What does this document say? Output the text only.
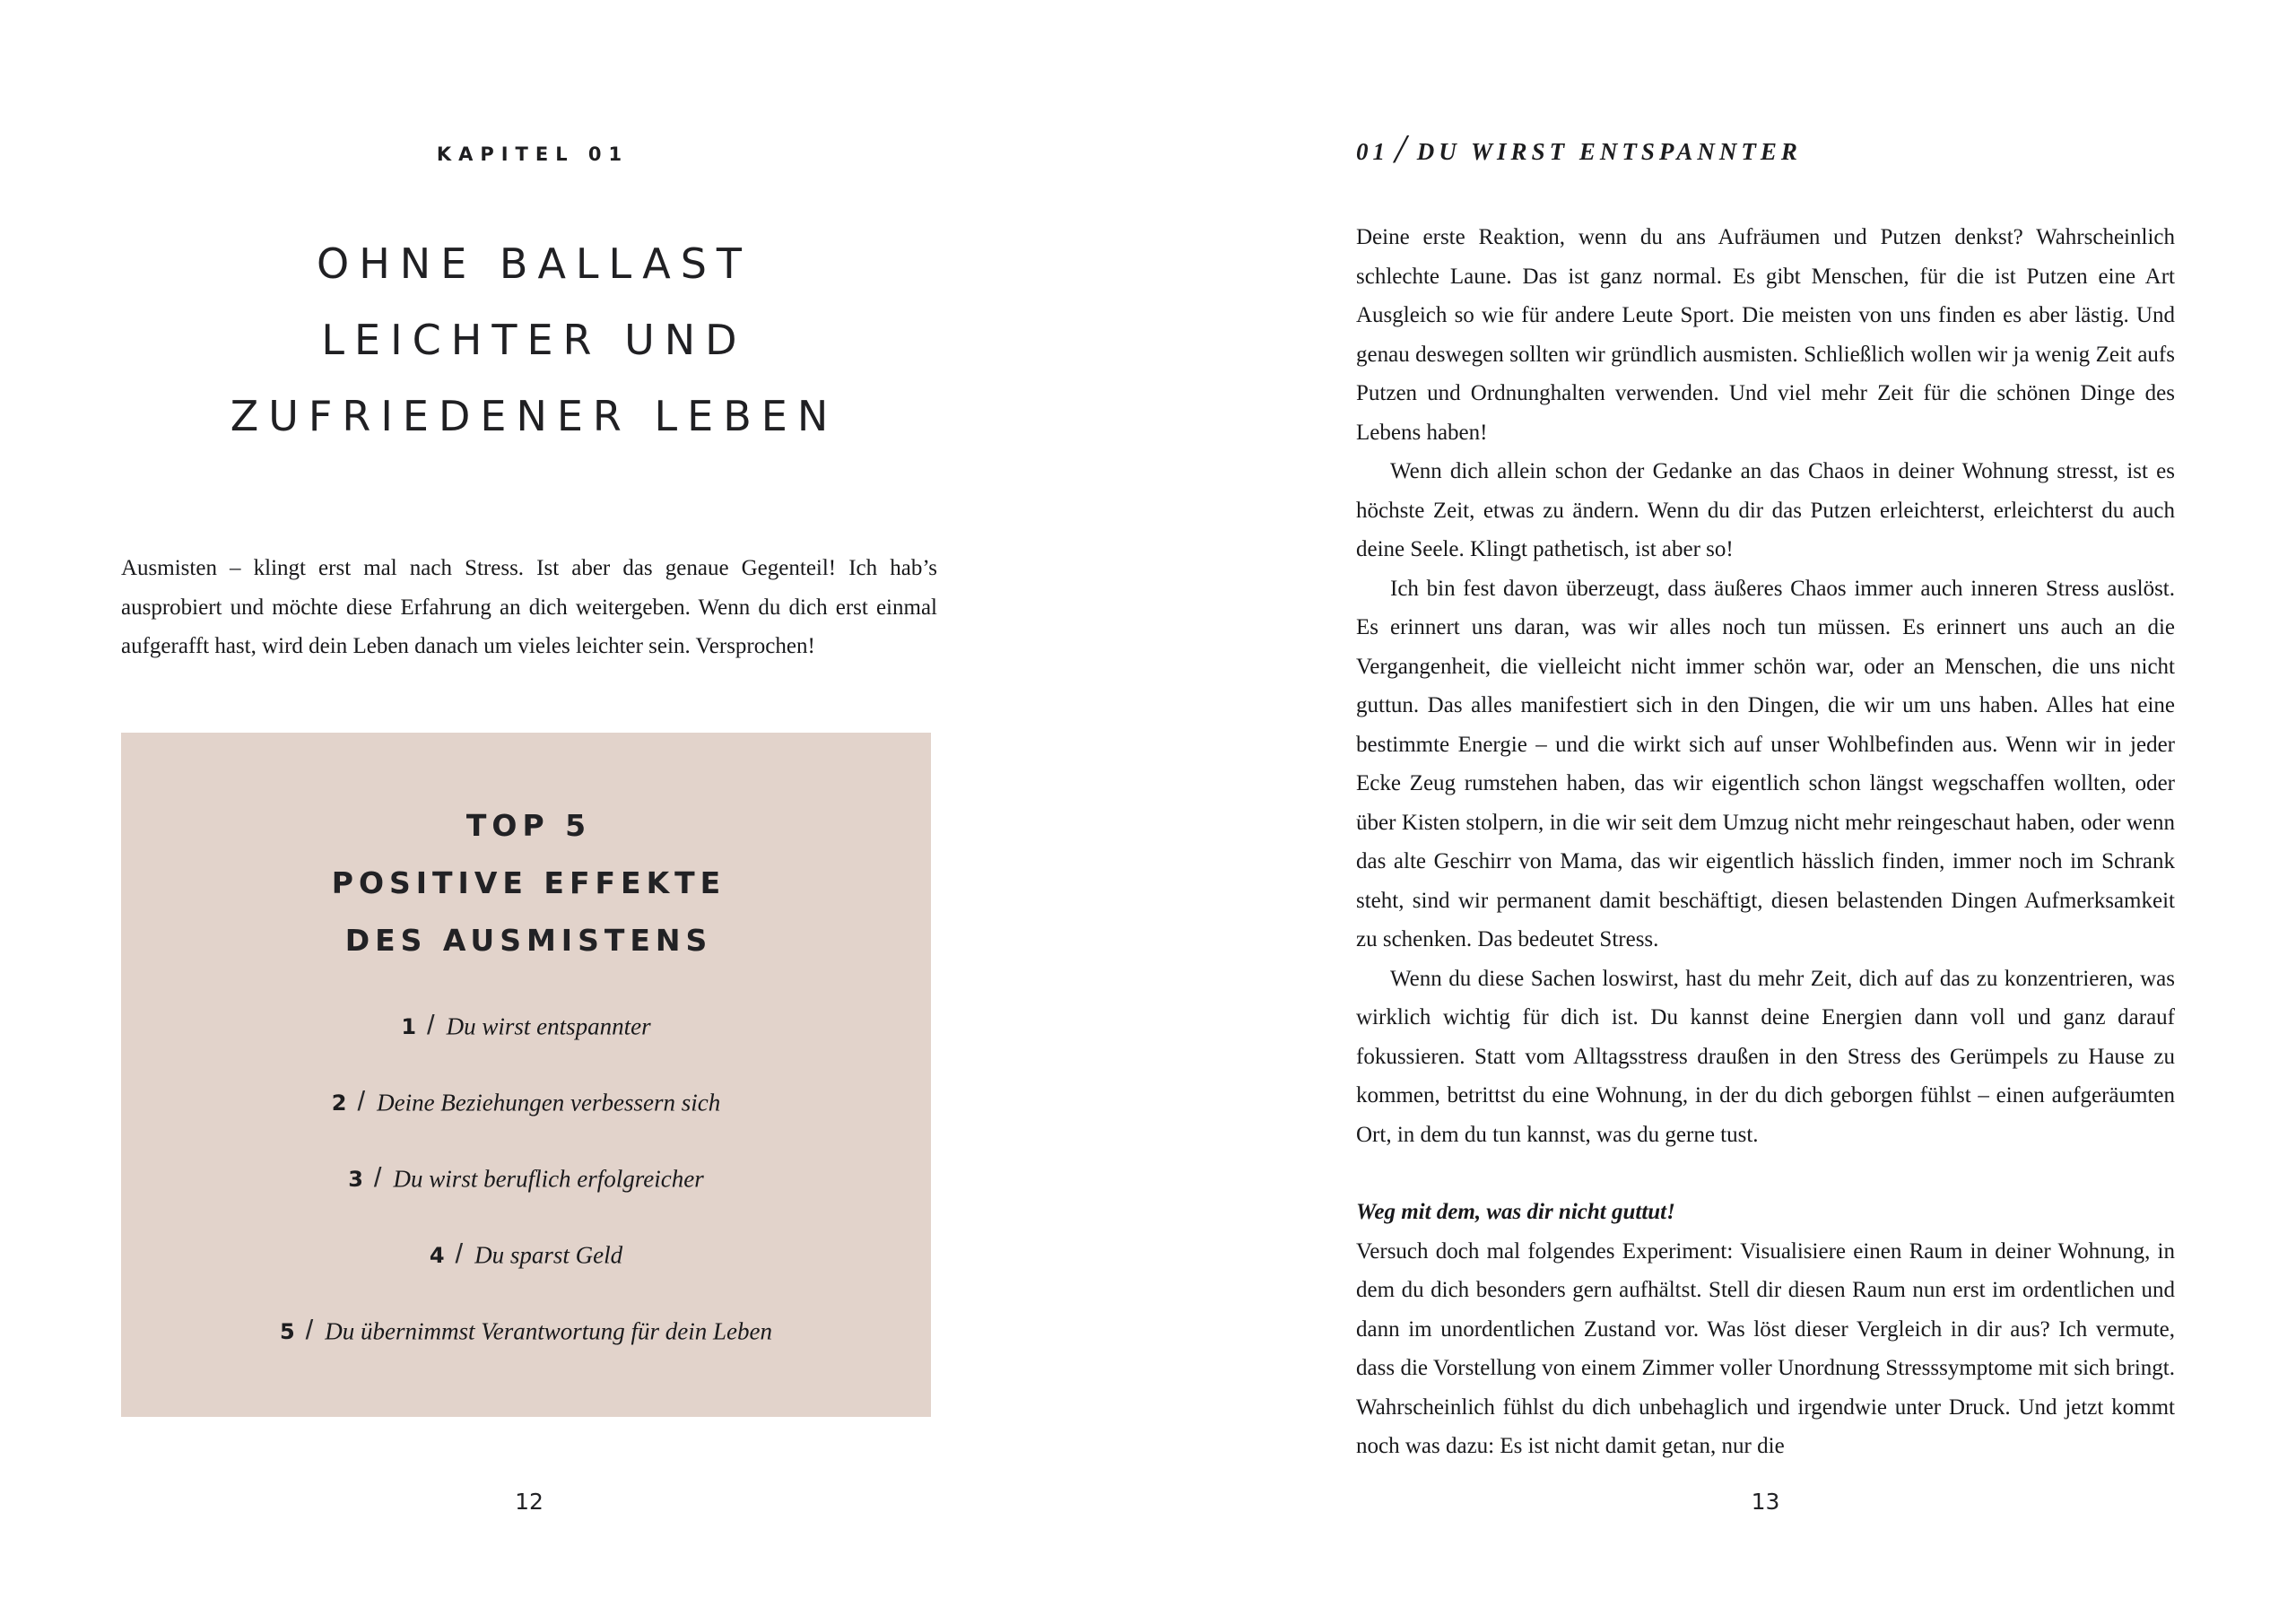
KAPITEL 01
OHNE BALLAST
LEICHTER UND
ZUFRIEDENER LEBEN

Ausmisten – klingt erst mal nach Stress. Ist aber das genaue Gegenteil! Ich hab’s ausprobiert und möchte diese Erfahrung an dich weitergeben. Wenn du dich erst einmal aufgerafft hast, wird dein Leben danach um vieles leichter sein. Versprochen!

TOP 5
POSITIVE EFFEKTE
DES AUSMISTENS
1 / Du wirst entspannter
2 / Deine Beziehungen verbessern sich
3 / Du wirst beruflich erfolgreicher
4 / Du sparst Geld
5 / Du übernimmst Verantwortung für dein Leben
12
01 / DU WIRST ENTSPANNTER

Deine erste Reaktion, wenn du ans Aufräumen und Putzen denkst? Wahrscheinlich schlechte Laune. Das ist ganz normal. Es gibt Menschen, für die ist Putzen eine Art Ausgleich so wie für andere Leute Sport. Die meisten von uns finden es aber lästig. Und genau deswegen sollten wir gründlich ausmisten. Schließlich wollen wir ja wenig Zeit aufs Putzen und Ordnunghalten verwenden. Und viel mehr Zeit für die schönen Dinge des Lebens haben!

Wenn dich allein schon der Gedanke an das Chaos in deiner Wohnung stresst, ist es höchste Zeit, etwas zu ändern. Wenn du dir das Putzen erleichterst, erleichterst du auch deine Seele. Klingt pathetisch, ist aber so!

Ich bin fest davon überzeugt, dass äußeres Chaos immer auch inneren Stress auslöst. Es erinnert uns daran, was wir alles noch tun müssen. Es erinnert uns auch an die Vergangenheit, die vielleicht nicht immer schön war, oder an Menschen, die uns nicht guttun. Das alles manifestiert sich in den Dingen, die wir um uns haben. Alles hat eine bestimmte Energie – und die wirkt sich auf unser Wohlbefinden aus. Wenn wir in jeder Ecke Zeug rumstehen haben, das wir eigentlich schon längst wegschaffen wollten, oder über Kisten stolpern, in die wir seit dem Umzug nicht mehr reingeschaut haben, oder wenn das alte Geschirr von Mama, das wir eigentlich hässlich finden, immer noch im Schrank steht, sind wir permanent damit beschäftigt, diesen belastenden Dingen Aufmerksamkeit zu schenken. Das bedeutet Stress.

Wenn du diese Sachen loswirst, hast du mehr Zeit, dich auf das zu konzentrieren, was wirklich wichtig für dich ist. Du kannst deine Energien dann voll und ganz darauf fokussieren. Statt vom Alltagsstress draußen in den Stress des Gerümpels zu Hause zu kommen, betrittst du eine Wohnung, in der du dich geborgen fühlst – einen aufgeräumten Ort, in dem du tun kannst, was du gerne tust.

Weg mit dem, was dir nicht guttut!

Versuch doch mal folgendes Experiment: Visualisiere einen Raum in deiner Wohnung, in dem du dich besonders gern aufhältst. Stell dir diesen Raum nun erst im ordentlichen und dann im unordentlichen Zustand vor. Was löst dieser Vergleich in dir aus? Ich vermute, dass die Vorstellung von einem Zimmer voller Unordnung Stresssymptome mit sich bringt. Wahrscheinlich fühlst du dich unbehaglich und irgendwie unter Druck. Und jetzt kommt noch was dazu: Es ist nicht damit getan, nur die

13
